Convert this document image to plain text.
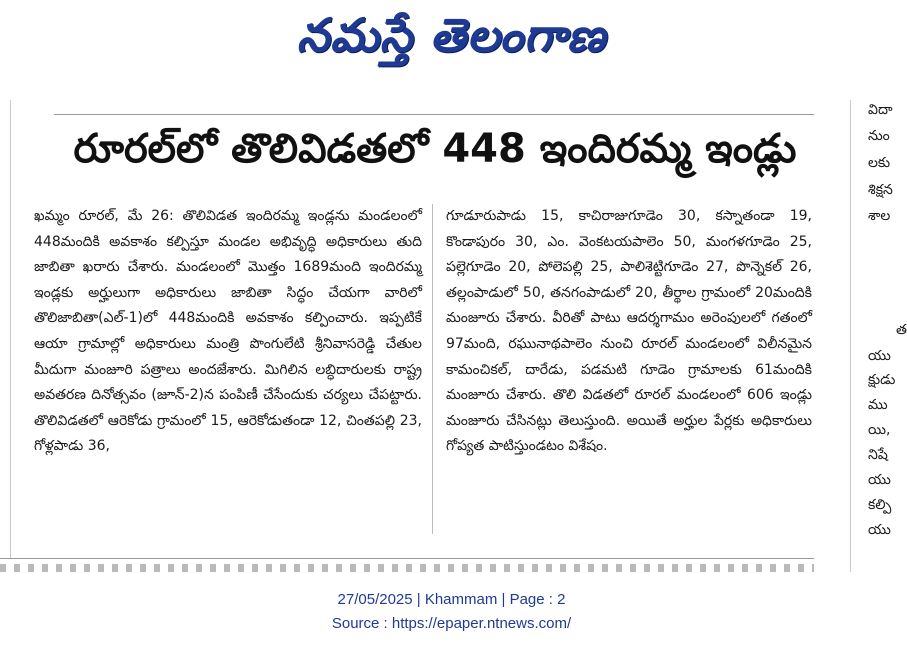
నమస్తే తెలంగాణ
రూరల్‌లో తొలివిడతలో 448 ఇందిరమ్మ ఇండ్లు
ఖమ్మం రూరల్, మే 26: తొలివిడత ఇందిరమ్మ ఇండ్లను మండలంలో 448మందికి అవకాశం కల్పిస్తూ మండల అభివృద్ధి అధికారులు తుది జాబితా ఖరారు చేశారు. మండలంలో మొత్తం 1689మంది ఇందిరమ్మ ఇండ్లకు అర్హులుగా అధికారులు జాబితా సిద్ధం చేయగా వారిలో తొలిజాబితా(ఎల్-1)లో 448మందికి అవకాశం కల్పించారు. ఇప్పటికే ఆయా గ్రామాల్లో అధికారులు మంత్రి పొంగులేటి శ్రీనివాసరెడ్డి చేతుల మీదుగా మంజూరి పత్రాలు అందజేశారు. మిగిలిన లబ్ధిదారులకు రాష్ట్ర అవతరణ దినోత్సవం (జూన్-2)న పంపిణీ చేసేందుకు చర్యలు చేపట్టారు. తొలివిడతలో ఆరెకోడు గ్రామంలో 15, ఆరెకోడుతండా 12, చింతపల్లి 23, గోళ్లపాడు 36,
గూడూరుపాడు 15, కాచిరాజుగూడెం 30, కస్నాతండా 19, కొండాపురం 30, ఎం. వెంకటయపాలెం 50, మంగళగూడెం 25, పల్లెగూడెం 20, పోలెపల్లి 25, పాలిశెట్టిగూడెం 27, పొన్నెకల్ 26, తల్లంపాడులో 50, తనగంపాడులో 20, తీర్థాల గ్రామంలో 20మందికి మంజూరు చేశారు. వీరితో పాటు ఆదర్శగామం అరెంపులలో గతంలో 97మంది, రఘునాథపాలెం నుంచి రూరల్ మండలంలో విలీనమైన కామంచికల్, దారేడు, పడమటి గూడెం గ్రామాలకు 61మందికి మంజూరు చేశారు. తొలి విడతలో రూరల్ మండలంలో 606 ఇండ్లు మంజూరు చేసినట్లు తెలుస్తుంది. అయితే అర్హుల పేర్లకు అధికారులు గోప్యత పాటిస్తుండటం విశేషం.
విదా
నుం
లకు
శిక్షన
శాల
త
యు
క్షుడు
ము
యి,
నిషే
యు
కల్పి
యు
27/05/2025 | Khammam | Page : 2
Source : https://epaper.ntnews.com/
